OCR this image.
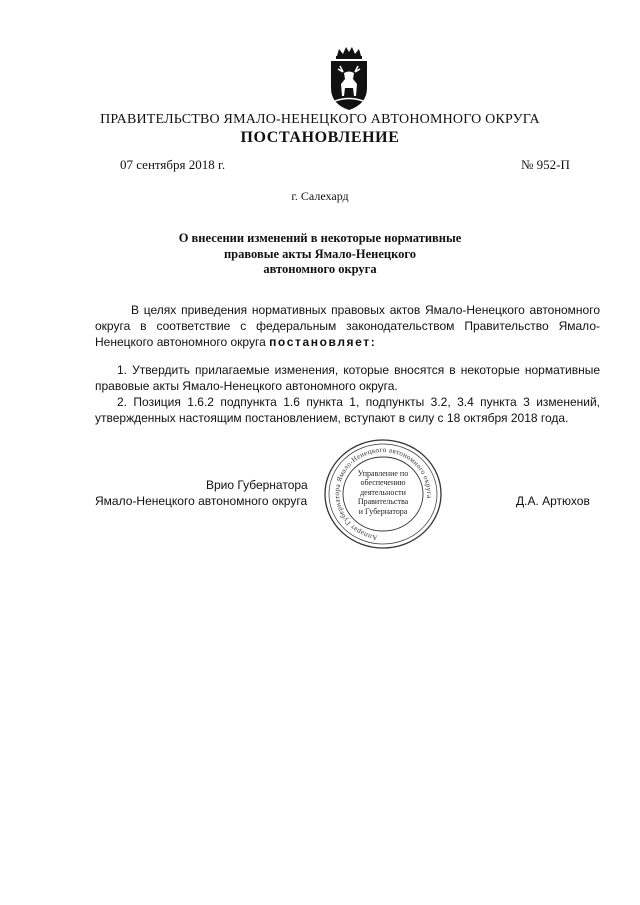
ПРАВИТЕЛЬСТВО ЯМАЛО-НЕНЕЦКОГО АВТОНОМНОГО ОКРУГА
ПОСТАНОВЛЕНИЕ
07 сентября 2018 г.	№ 952-П
г. Салехард
О внесении изменений в некоторые нормативные
правовые акты Ямало-Ненецкого
автономного округа
В целях приведения нормативных правовых актов Ямало-Ненецкого автономного округа в соответствие с федеральным законодательством Правительство Ямало-Ненецкого автономного округа постановляет:
1. Утвердить прилагаемые изменения, которые вносятся в некоторые нормативные правовые акты Ямало-Ненецкого автономного округа.
2. Позиция 1.6.2 подпункта 1.6 пункта 1, подпункты 3.2, 3.4 пункта 3 изменений, утвержденных настоящим постановлением, вступают в силу с 18 октября 2018 года.
Врио Губернатора
Ямало-Ненецкого автономного округа	Д.А. Артюхов
Аппарат Губернатора Ямало-Ненецкого автономного округа
Управление по
обеспечению
деятельности
Правительства
и Губернатора
